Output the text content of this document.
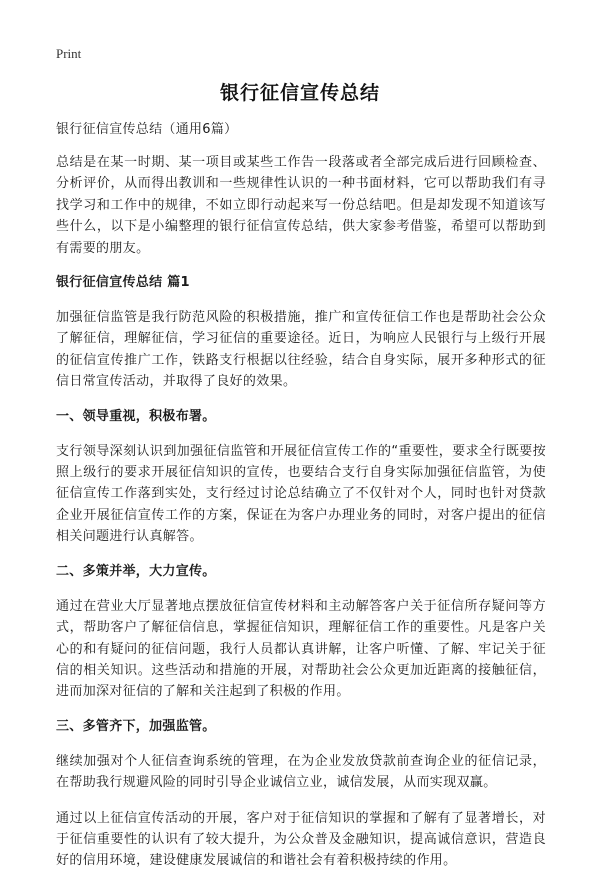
Print
银行征信宣传总结

银行征信宣传总结（通用6篇）

总结是在某一时期、某一项目或某些工作告一段落或者全部完成后进行回顾检查、分析评价，从而得出教训和一些规律性认识的一种书面材料，它可以帮助我们有寻找学习和工作中的规律，不如立即行动起来写一份总结吧。但是却发现不知道该写些什么，以下是小编整理的银行征信宣传总结，供大家参考借鉴，希望可以帮助到有需要的朋友。

银行征信宣传总结 篇1

加强征信监管是我行防范风险的积极措施，推广和宣传征信工作也是帮助社会公众了解征信，理解征信，学习征信的重要途径。近日，为响应人民银行与上级行开展的征信宣传推广工作，铁路支行根据以往经验，结合自身实际，展开多种形式的征信日常宣传活动，并取得了良好的效果。

一、领导重视，积极布署。

支行领导深刻认识到加强征信监管和开展征信宣传工作的“重要性，要求全行既要按照上级行的要求开展征信知识的宣传，也要结合支行自身实际加强征信监管，为使征信宣传工作落到实处，支行经过讨论总结确立了不仅针对个人，同时也针对贷款企业开展征信宣传工作的方案，保证在为客户办理业务的同时，对客户提出的征信相关问题进行认真解答。

二、多策并举，大力宣传。

通过在营业大厅显著地点摆放征信宣传材料和主动解答客户关于征信所存疑问等方式，帮助客户了解征信信息，掌握征信知识，理解征信工作的重要性。凡是客户关心的和有疑问的征信问题，我行人员都认真讲解，让客户听懂、了解、牢记关于征信的相关知识。这些活动和措施的开展，对帮助社会公众更加近距离的接触征信，进而加深对征信的了解和关注起到了积极的作用。

三、多管齐下，加强监管。

继续加强对个人征信查询系统的管理，在为企业发放贷款前查询企业的征信记录，在帮助我行规避风险的同时引导企业诚信立业，诚信发展，从而实现双赢。

通过以上征信宣传活动的开展，客户对于征信知识的掌握和了解有了显著增长，对于征信重要性的认识有了较大提升，为公众普及金融知识，提高诚信意识，营造良好的信用环境，建设健康发展诚信的和谐社会有着积极持续的作用。
